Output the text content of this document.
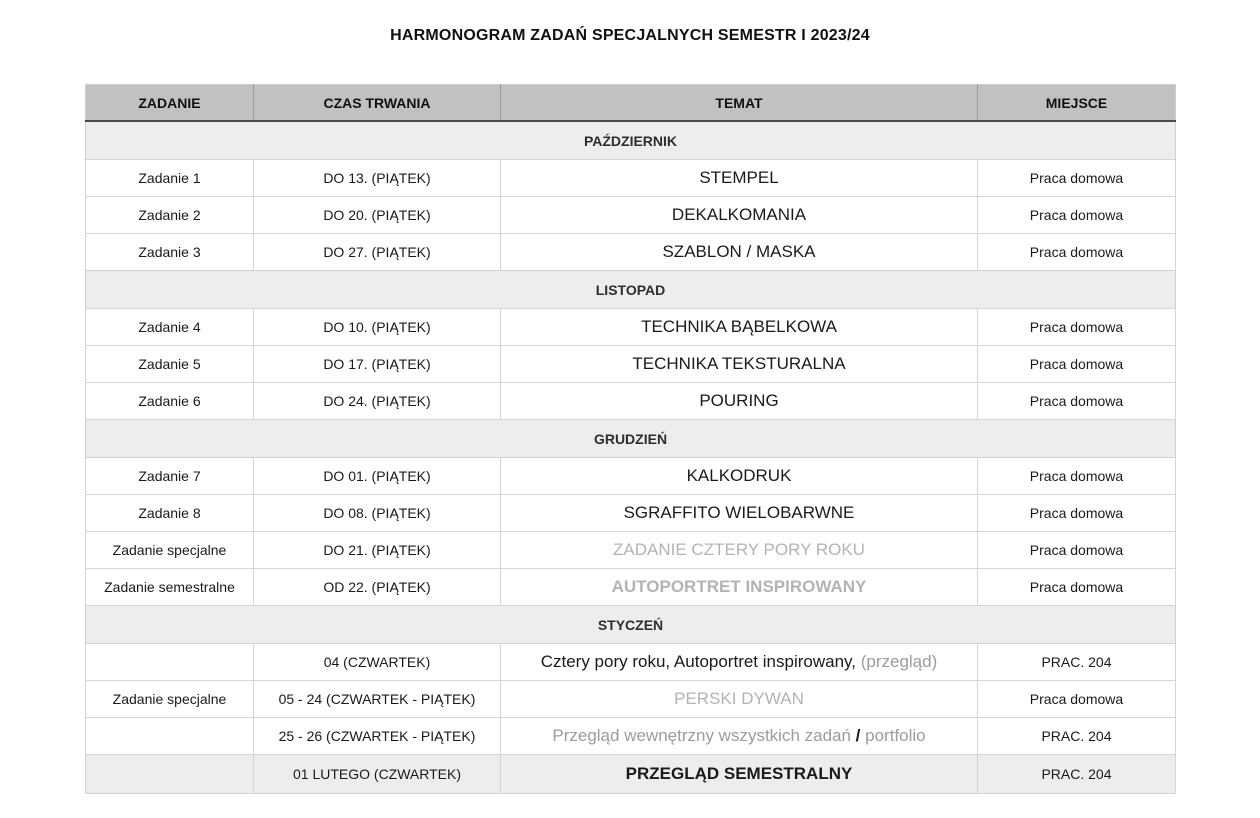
HARMONOGRAM ZADAŃ SPECJALNYCH SEMESTR I 2023/24
ZADANIE	CZAS TRWANIA	TEMAT	MIEJSCE
PAŹDZIERNIK			
Zadanie 1	DO 13. (PIĄTEK)	STEMPEL	Praca domowa
Zadanie 2	DO 20. (PIĄTEK)	DEKALKOMANIA	Praca domowa
Zadanie 3	DO 27. (PIĄTEK)	SZABLON / MASKA	Praca domowa
LISTOPAD			
Zadanie 4	DO 10. (PIĄTEK)	TECHNIKA BĄBELKOWA	Praca domowa
Zadanie 5	DO 17. (PIĄTEK)	TECHNIKA TEKSTURALNA	Praca domowa
Zadanie 6	DO 24. (PIĄTEK)	POURING	Praca domowa
GRUDZIEŃ			
Zadanie 7	DO 01. (PIĄTEK)	KALKODRUK	Praca domowa
Zadanie 8	DO 08. (PIĄTEK)	SGRAFFITO WIELOBARWNE	Praca domowa
Zadanie specjalne	DO 21. (PIĄTEK)	ZADANIE CZTERY PORY ROKU	Praca domowa
Zadanie semestralne	OD 22. (PIĄTEK)	AUTOPORTRET INSPIROWANY	Praca domowa
STYCZEŃ			
	04 (CZWARTEK)	Cztery pory roku, Autoportret inspirowany, (przegląd)	PRAC. 204
Zadanie specjalne	05 - 24 (CZWARTEK - PIĄTEK)	PERSKI DYWAN	Praca domowa
	25 - 26 (CZWARTEK - PIĄTEK)	Przegląd wewnętrzny wszystkich zadań / portfolio	PRAC. 204
	01 LUTEGO (CZWARTEK)	PRZEGLĄD SEMESTRALNY	PRAC. 204
